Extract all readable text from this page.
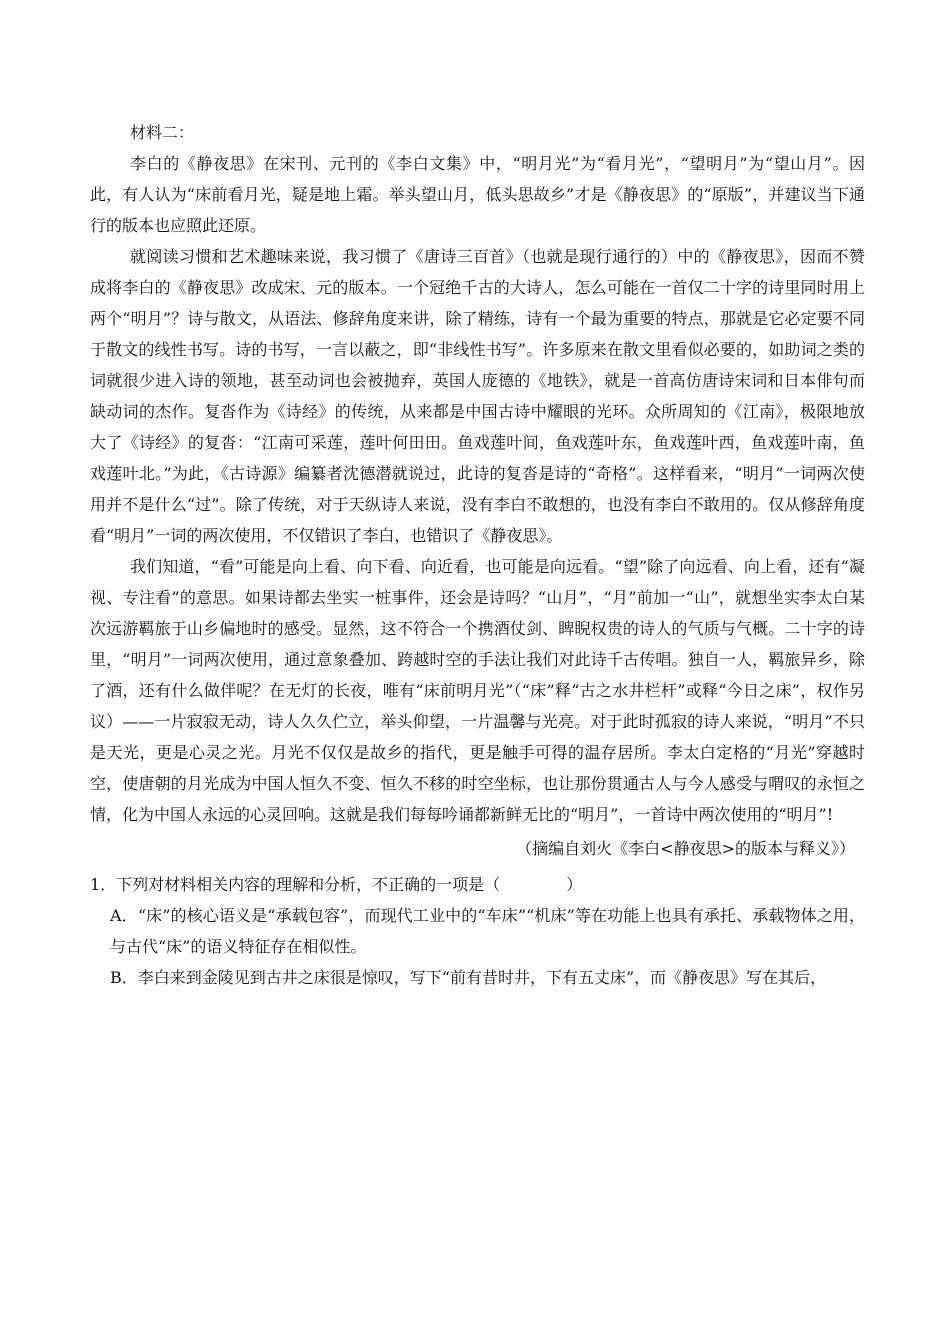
材料二：

李白的《静夜思》在宋刊、元刊的《李白文集》中，“明月光”为“看月光”，“望明月”为“望山月”。因此，有人认为“床前看月光，疑是地上霜。举头望山月，低头思故乡”才是《静夜思》的“原版”，并建议当下通行的版本也应照此还原。

就阅读习惯和艺术趣味来说，我习惯了《唐诗三百首》（也就是现行通行的）中的《静夜思》，因而不赞成将李白的《静夜思》改成宋、元的版本。一个冠绝千古的大诗人，怎么可能在一首仅二十字的诗里同时用上两个“明月”？诗与散文，从语法、修辞角度来讲，除了精练，诗有一个最为重要的特点，那就是它必定要不同于散文的线性书写。诗的书写，一言以蔽之，即“非线性书写”。许多原来在散文里看似必要的，如助词之类的词就很少进入诗的领地，甚至动词也会被抛弃，英国人庞德的《地铁》，就是一首高仿唐诗宋词和日本俳句而缺动词的杰作。复沓作为《诗经》的传统，从来都是中国古诗中耀眼的光环。众所周知的《江南》，极限地放大了《诗经》的复沓：“江南可采莲，莲叶何田田。鱼戏莲叶间，鱼戏莲叶东，鱼戏莲叶西，鱼戏莲叶南，鱼戏莲叶北。”为此，《古诗源》编纂者沈德潜就说过，此诗的复沓是诗的“奇格”。这样看来，“明月”一词两次使用并不是什么“过”。除了传统，对于天纵诗人来说，没有李白不敢想的，也没有李白不敢用的。仅从修辞角度看“明月”一词的两次使用，不仅错识了李白，也错识了《静夜思》。

我们知道，“看”可能是向上看、向下看、向近看，也可能是向远看。“望”除了向远看、向上看，还有“凝视、专注看”的意思。如果诗都去坐实一桩事件，还会是诗吗？“山月”，“月”前加一“山”，就想坐实李太白某次远游羁旅于山乡偏地时的感受。显然，这不符合一个携酒仗剑、睥睨权贵的诗人的气质与气概。二十字的诗里，“明月”一词两次使用，通过意象叠加、跨越时空的手法让我们对此诗千古传唱。独自一人，羁旅异乡，除了酒，还有什么做伴呢？在无灯的长夜，唯有“床前明月光”（“床”释“古之水井栏杆”或释“今日之床”，权作另议）——一片寂寂无动，诗人久久伫立，举头仰望，一片温馨与光亮。对于此时孤寂的诗人来说，“明月”不只是天光，更是心灵之光。月光不仅仅是故乡的指代，更是触手可得的温存居所。李太白定格的“月光”穿越时空，使唐朝的月光成为中国人恒久不变、恒久不移的时空坐标，也让那份贯通古人与今人感受与喟叹的永恒之情，化为中国人永远的心灵回响。这就是我们每每吟诵都新鲜无比的“明月”，一首诗中两次使用的“明月”!

（摘编自刘火《李白<静夜思>的版本与释义》）

1．下列对材料相关内容的理解和分析，不正确的一项是（	）

A．“床”的核心语义是“承载包容”，而现代工业中的“车床”“机床”等在功能上也具有承托、承载物体之用，与古代“床”的语义特征存在相似性。

B．李白来到金陵见到古井之床很是惊叹，写下“前有昔时井，下有五丈床”，而《静夜思》写在其后，
